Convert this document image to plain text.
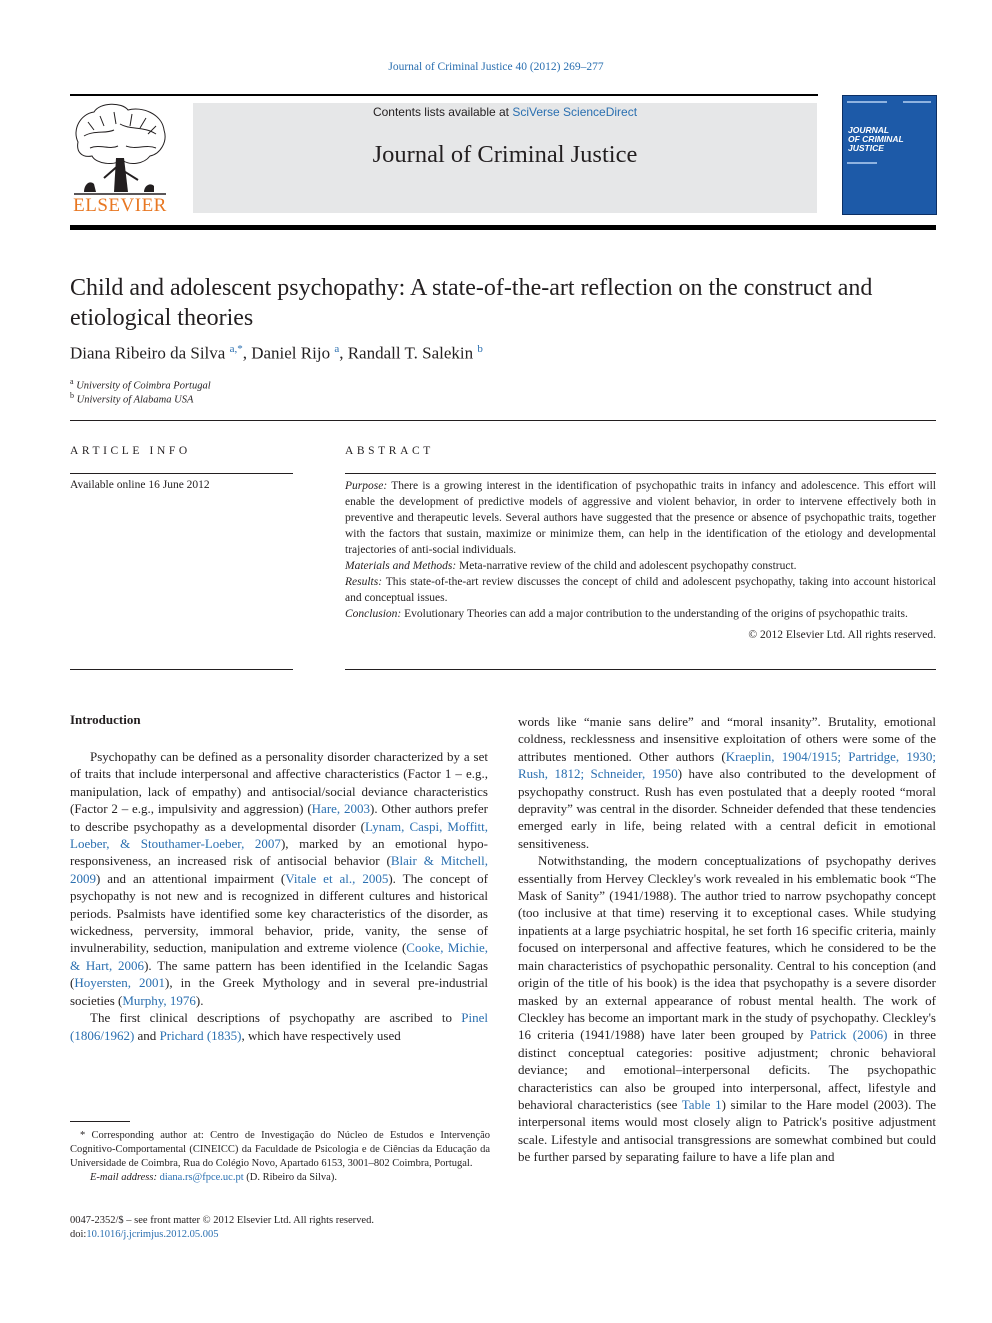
Journal of Criminal Justice 40 (2012) 269–277
ELSEVIER
Contents lists available at SciVerse ScienceDirect
Journal of Criminal Justice
JOURNAL
OF CRIMINAL
JUSTICE
Child and adolescent psychopathy: A state-of-the-art reflection on the construct and etiological theories
Diana Ribeiro da Silva $^{a,*}$, Daniel Rijo $^a$, Randall T. Salekin $^b$
$^a$ University of Coimbra Portugal
$^b$ University of Alabama USA
ARTICLE INFO
Available online 16 June 2012
ABSTRACT

Purpose: There is a growing interest in the identification of psychopathic traits in infancy and adolescence. This effort will enable the development of predictive models of aggressive and violent behavior, in order to intervene effectively both in preventive and therapeutic levels. Several authors have suggested that the presence or absence of psychopathic traits, together with the factors that sustain, maximize or minimize them, can help in the identification of the etiology and developmental trajectories of anti-social individuals.

Materials and Methods: Meta-narrative review of the child and adolescent psychopathy construct.

Results: This state-of-the-art review discusses the concept of child and adolescent psychopathy, taking into account historical and conceptual issues.

Conclusion: Evolutionary Theories can add a major contribution to the understanding of the origins of psychopathic traits.

© 2012 Elsevier Ltd. All rights reserved.

Introduction

Psychopathy can be defined as a personality disorder characterized by a set of traits that include interpersonal and affective characteristics (Factor 1 – e.g., manipulation, lack of empathy) and antisocial/social deviance characteristics (Factor 2 – e.g., impulsivity and aggression) (Hare, 2003). Other authors prefer to describe psychopathy as a developmental disorder (Lynam, Caspi, Moffitt, Loeber, & Stouthamer-Loeber, 2007), marked by an emotional hypo-responsiveness, an increased risk of antisocial behavior (Blair & Mitchell, 2009) and an attentional impairment (Vitale et al., 2005). The concept of psychopathy is not new and is recognized in different cultures and historical periods. Psalmists have identified some key characteristics of the disorder, as wickedness, perversity, immoral behavior, pride, vanity, the sense of invulnerability, seduction, manipulation and extreme violence (Cooke, Michie, & Hart, 2006). The same pattern has been identified in the Icelandic Sagas (Hoyersten, 2001), in the Greek Mythology and in several pre-industrial societies (Murphy, 1976).

The first clinical descriptions of psychopathy are ascribed to Pinel (1806/1962) and Prichard (1835), which have respectively used

words like “manie sans delire” and “moral insanity”. Brutality, emotional coldness, recklessness and insensitive exploitation of others were some of the attributes mentioned. Other authors (Kraeplin, 1904/1915; Partridge, 1930; Rush, 1812; Schneider, 1950) have also contributed to the development of psychopathy construct. Rush has even postulated that a deeply rooted “moral depravity” was central in the disorder. Schneider defended that these tendencies emerged early in life, being related with a central deficit in emotional sensitiveness.

Notwithstanding, the modern conceptualizations of psychopathy derives essentially from Hervey Cleckley's work revealed in his emblematic book “The Mask of Sanity” (1941/1988). The author tried to narrow psychopathy concept (too inclusive at that time) reserving it to exceptional cases. While studying inpatients at a large psychiatric hospital, he set forth 16 specific criteria, mainly focused on interpersonal and affective features, which he considered to be the main characteristics of psychopathic personality. Central to his conception (and origin of the title of his book) is the idea that psychopathy is a severe disorder masked by an external appearance of robust mental health. The work of Cleckley has become an important mark in the study of psychopathy. Cleckley's 16 criteria (1941/1988) have later been grouped by Patrick (2006) in three distinct conceptual categories: positive adjustment; chronic behavioral deviance; and emotional–interpersonal deficits. The psychopathic characteristics can also be grouped into interpersonal, affect, lifestyle and behavioral characteristics (see Table 1) similar to the Hare model (2003). The interpersonal items would most closely align to Patrick's positive adjustment scale. Lifestyle and antisocial transgressions are somewhat combined but could be further parsed by separating failure to have a life plan and

* Corresponding author at: Centro de Investigação do Núcleo de Estudos e Intervenção Cognitivo-Comportamental (CINEICC) da Faculdade de Psicologia e de Ciências da Educação da Universidade de Coimbra, Rua do Colégio Novo, Apartado 6153, 3001–802 Coimbra, Portugal.

E-mail address: diana.rs@fpce.uc.pt (D. Ribeiro da Silva).

0047-2352/$ – see front matter © 2012 Elsevier Ltd. All rights reserved.
doi:10.1016/j.jcrimjus.2012.05.005
